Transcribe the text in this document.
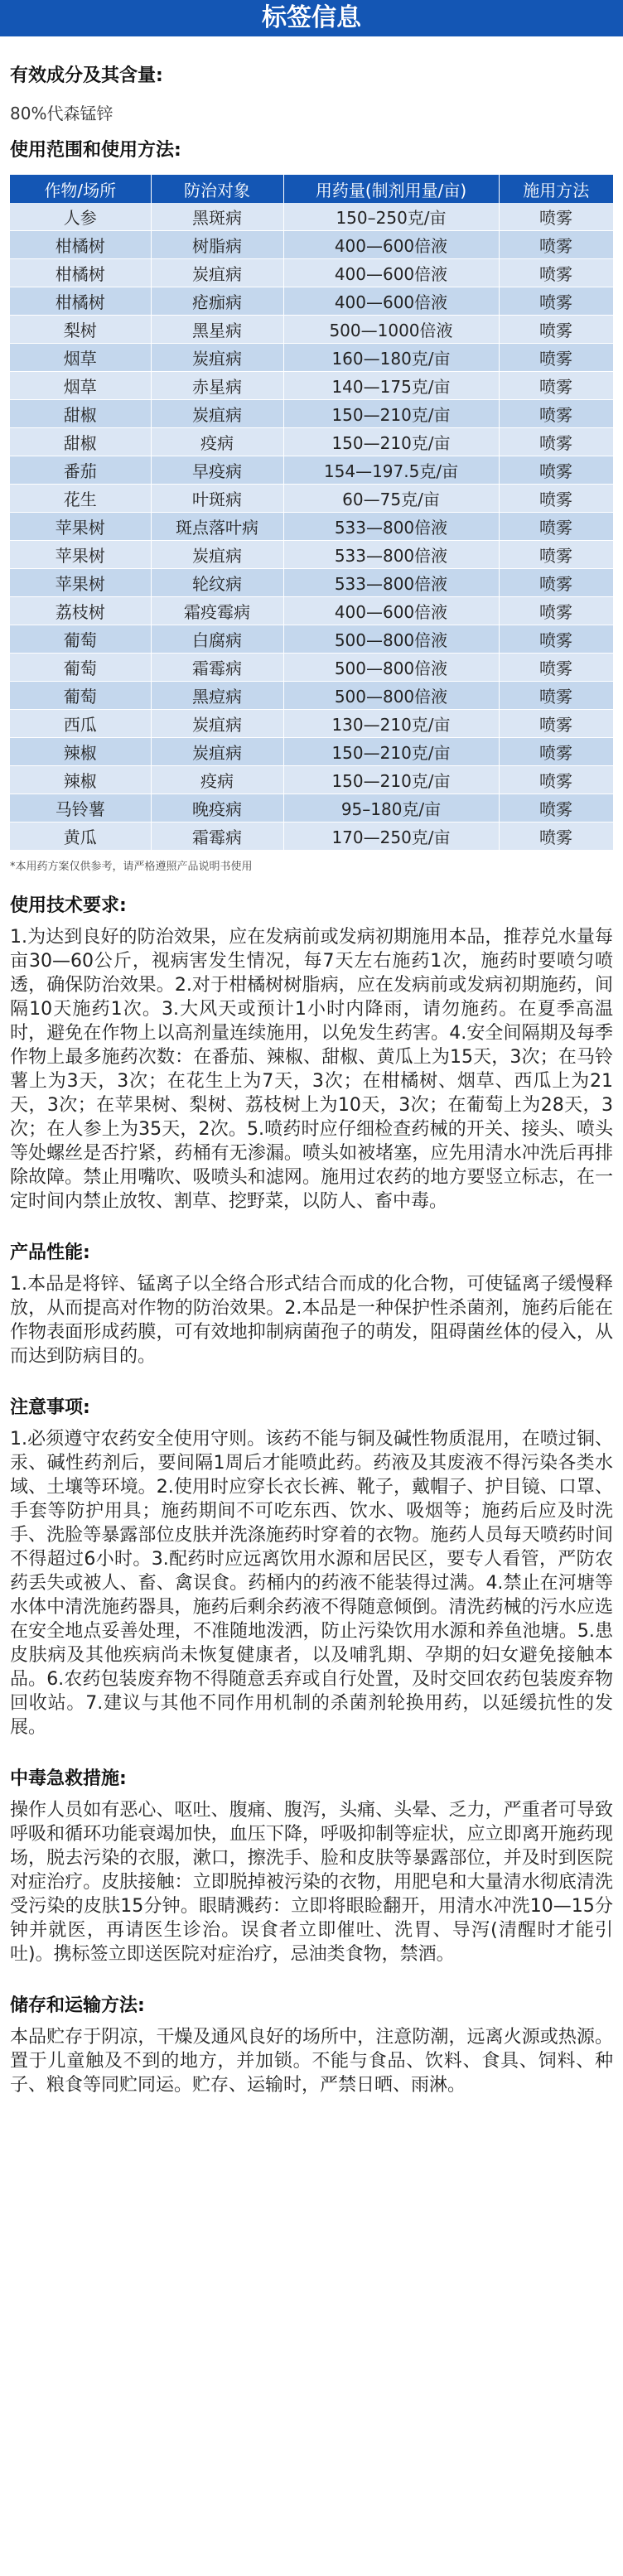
标签信息

有效成分及其含量:

80%代森锰锌

使用范围和使用方法:

作物/场所	防治对象	用药量(制剂用量/亩)	施用方法
人参	黑斑病	150–250克/亩	喷雾
柑橘树	树脂病	400—600倍液	喷雾
柑橘树	炭疽病	400—600倍液	喷雾
柑橘树	疮痂病	400—600倍液	喷雾
梨树	黑星病	500—1000倍液	喷雾
烟草	炭疽病	160—180克/亩	喷雾
烟草	赤星病	140—175克/亩	喷雾
甜椒	炭疽病	150—210克/亩	喷雾
甜椒	疫病	150—210克/亩	喷雾
番茄	早疫病	154—197.5克/亩	喷雾
花生	叶斑病	60—75克/亩	喷雾
苹果树	斑点落叶病	533—800倍液	喷雾
苹果树	炭疽病	533—800倍液	喷雾
苹果树	轮纹病	533—800倍液	喷雾
荔枝树	霜疫霉病	400—600倍液	喷雾
葡萄	白腐病	500—800倍液	喷雾
葡萄	霜霉病	500—800倍液	喷雾
葡萄	黑痘病	500—800倍液	喷雾
西瓜	炭疽病	130—210克/亩	喷雾
辣椒	炭疽病	150—210克/亩	喷雾
辣椒	疫病	150—210克/亩	喷雾
马铃薯	晚疫病	95–180克/亩	喷雾
黄瓜	霜霉病	170—250克/亩	喷雾
*本用药方案仅供参考，请严格遵照产品说明书使用

使用技术要求:

1.为达到良好的防治效果，应在发病前或发病初期施用本品，推荐兑水量每亩30—60公斤，视病害发生情况，每7天左右施药1次，施药时要喷匀喷透，确保防治效果。2.对于柑橘树树脂病，应在发病前或发病初期施药，间隔10天施药1次。3.大风天或预计1小时内降雨，请勿施药。在夏季高温时，避免在作物上以高剂量连续施用，以免发生药害。4.安全间隔期及每季作物上最多施药次数：在番茄、辣椒、甜椒、黄瓜上为15天，3次；在马铃薯上为3天，3次；在花生上为7天，3次；在柑橘树、烟草、西瓜上为21天，3次；在苹果树、梨树、荔枝树上为10天，3次；在葡萄上为28天，3次；在人参上为35天，2次。5.喷药时应仔细检查药械的开关、接头、喷头等处螺丝是否拧紧，药桶有无渗漏。喷头如被堵塞，应先用清水冲洗后再排除故障。禁止用嘴吹、吸喷头和滤网。施用过农药的地方要竖立标志，在一定时间内禁止放牧、割草、挖野菜，以防人、畜中毒。

产品性能:

1.本品是将锌、锰离子以全络合形式结合而成的化合物，可使锰离子缓慢释放，从而提高对作物的防治效果。2.本品是一种保护性杀菌剂，施药后能在作物表面形成药膜，可有效地抑制病菌孢子的萌发，阻碍菌丝体的侵入，从而达到防病目的。

注意事项:

1.必须遵守农药安全使用守则。该药不能与铜及碱性物质混用，在喷过铜、汞、碱性药剂后，要间隔1周后才能喷此药。药液及其废液不得污染各类水域、土壤等环境。2.使用时应穿长衣长裤、靴子，戴帽子、护目镜、口罩、手套等防护用具；施药期间不可吃东西、饮水、吸烟等；施药后应及时洗手、洗脸等暴露部位皮肤并洗涤施药时穿着的衣物。施药人员每天喷药时间不得超过6小时。3.配药时应远离饮用水源和居民区，要专人看管，严防农药丢失或被人、畜、禽误食。药桶内的药液不能装得过满。4.禁止在河塘等水体中清洗施药器具，施药后剩余药液不得随意倾倒。清洗药械的污水应选在安全地点妥善处理，不准随地泼洒，防止污染饮用水源和养鱼池塘。5.患皮肤病及其他疾病尚未恢复健康者，以及哺乳期、孕期的妇女避免接触本品。6.农药包装废弃物不得随意丢弃或自行处置，及时交回农药包装废弃物回收站。7.建议与其他不同作用机制的杀菌剂轮换用药，以延缓抗性的发展。

中毒急救措施:

操作人员如有恶心、呕吐、腹痛、腹泻，头痛、头晕、乏力，严重者可导致呼吸和循环功能衰竭加快，血压下降，呼吸抑制等症状，应立即离开施药现场，脱去污染的衣服，漱口，擦洗手、脸和皮肤等暴露部位，并及时到医院对症治疗。皮肤接触：立即脱掉被污染的衣物，用肥皂和大量清水彻底清洗受污染的皮肤15分钟。眼睛溅药：立即将眼睑翻开，用清水冲洗10—15分钟并就医，再请医生诊治。误食者立即催吐、洗胃、导泻(清醒时才能引吐)。携标签立即送医院对症治疗，忌油类食物，禁酒。

储存和运输方法:

本品贮存于阴凉，干燥及通风良好的场所中，注意防潮，远离火源或热源。置于儿童触及不到的地方，并加锁。不能与食品、饮料、食具、饲料、种子、粮食等同贮同运。贮存、运输时，严禁日晒、雨淋。
